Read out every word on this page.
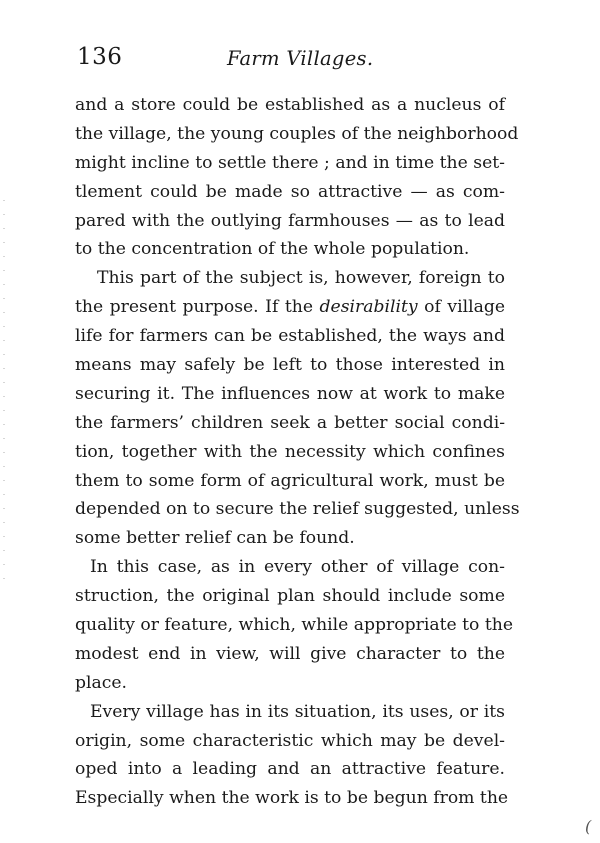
136	Farm Villages.
and a store could be established as a nucleus of
the village, the young couples of the neighborhood
might incline to settle there ; and in time the set-
tlement could be made so attractive — as com-
pared with the outlying farmhouses — as to lead
to the concentration of the whole population.
This part of the subject is, however, foreign to
the present purpose. If the desirability of village
life for farmers can be established, the ways and
means may safely be left to those interested in
securing it. The influences now at work to make
the farmers’ children seek a better social condi-
tion, together with the necessity which confines
them to some form of agricultural work, must be
depended on to secure the relief suggested, unless
some better relief can be found.
In this case, as in every other of village con-
struction, the original plan should include some
quality or feature, which, while appropriate to the
modest end in view, will give character to the
place.
Every village has in its situation, its uses, or its
origin, some characteristic which may be devel-
oped into a leading and an attractive feature.
Especially when the work is to be begun from the
(
